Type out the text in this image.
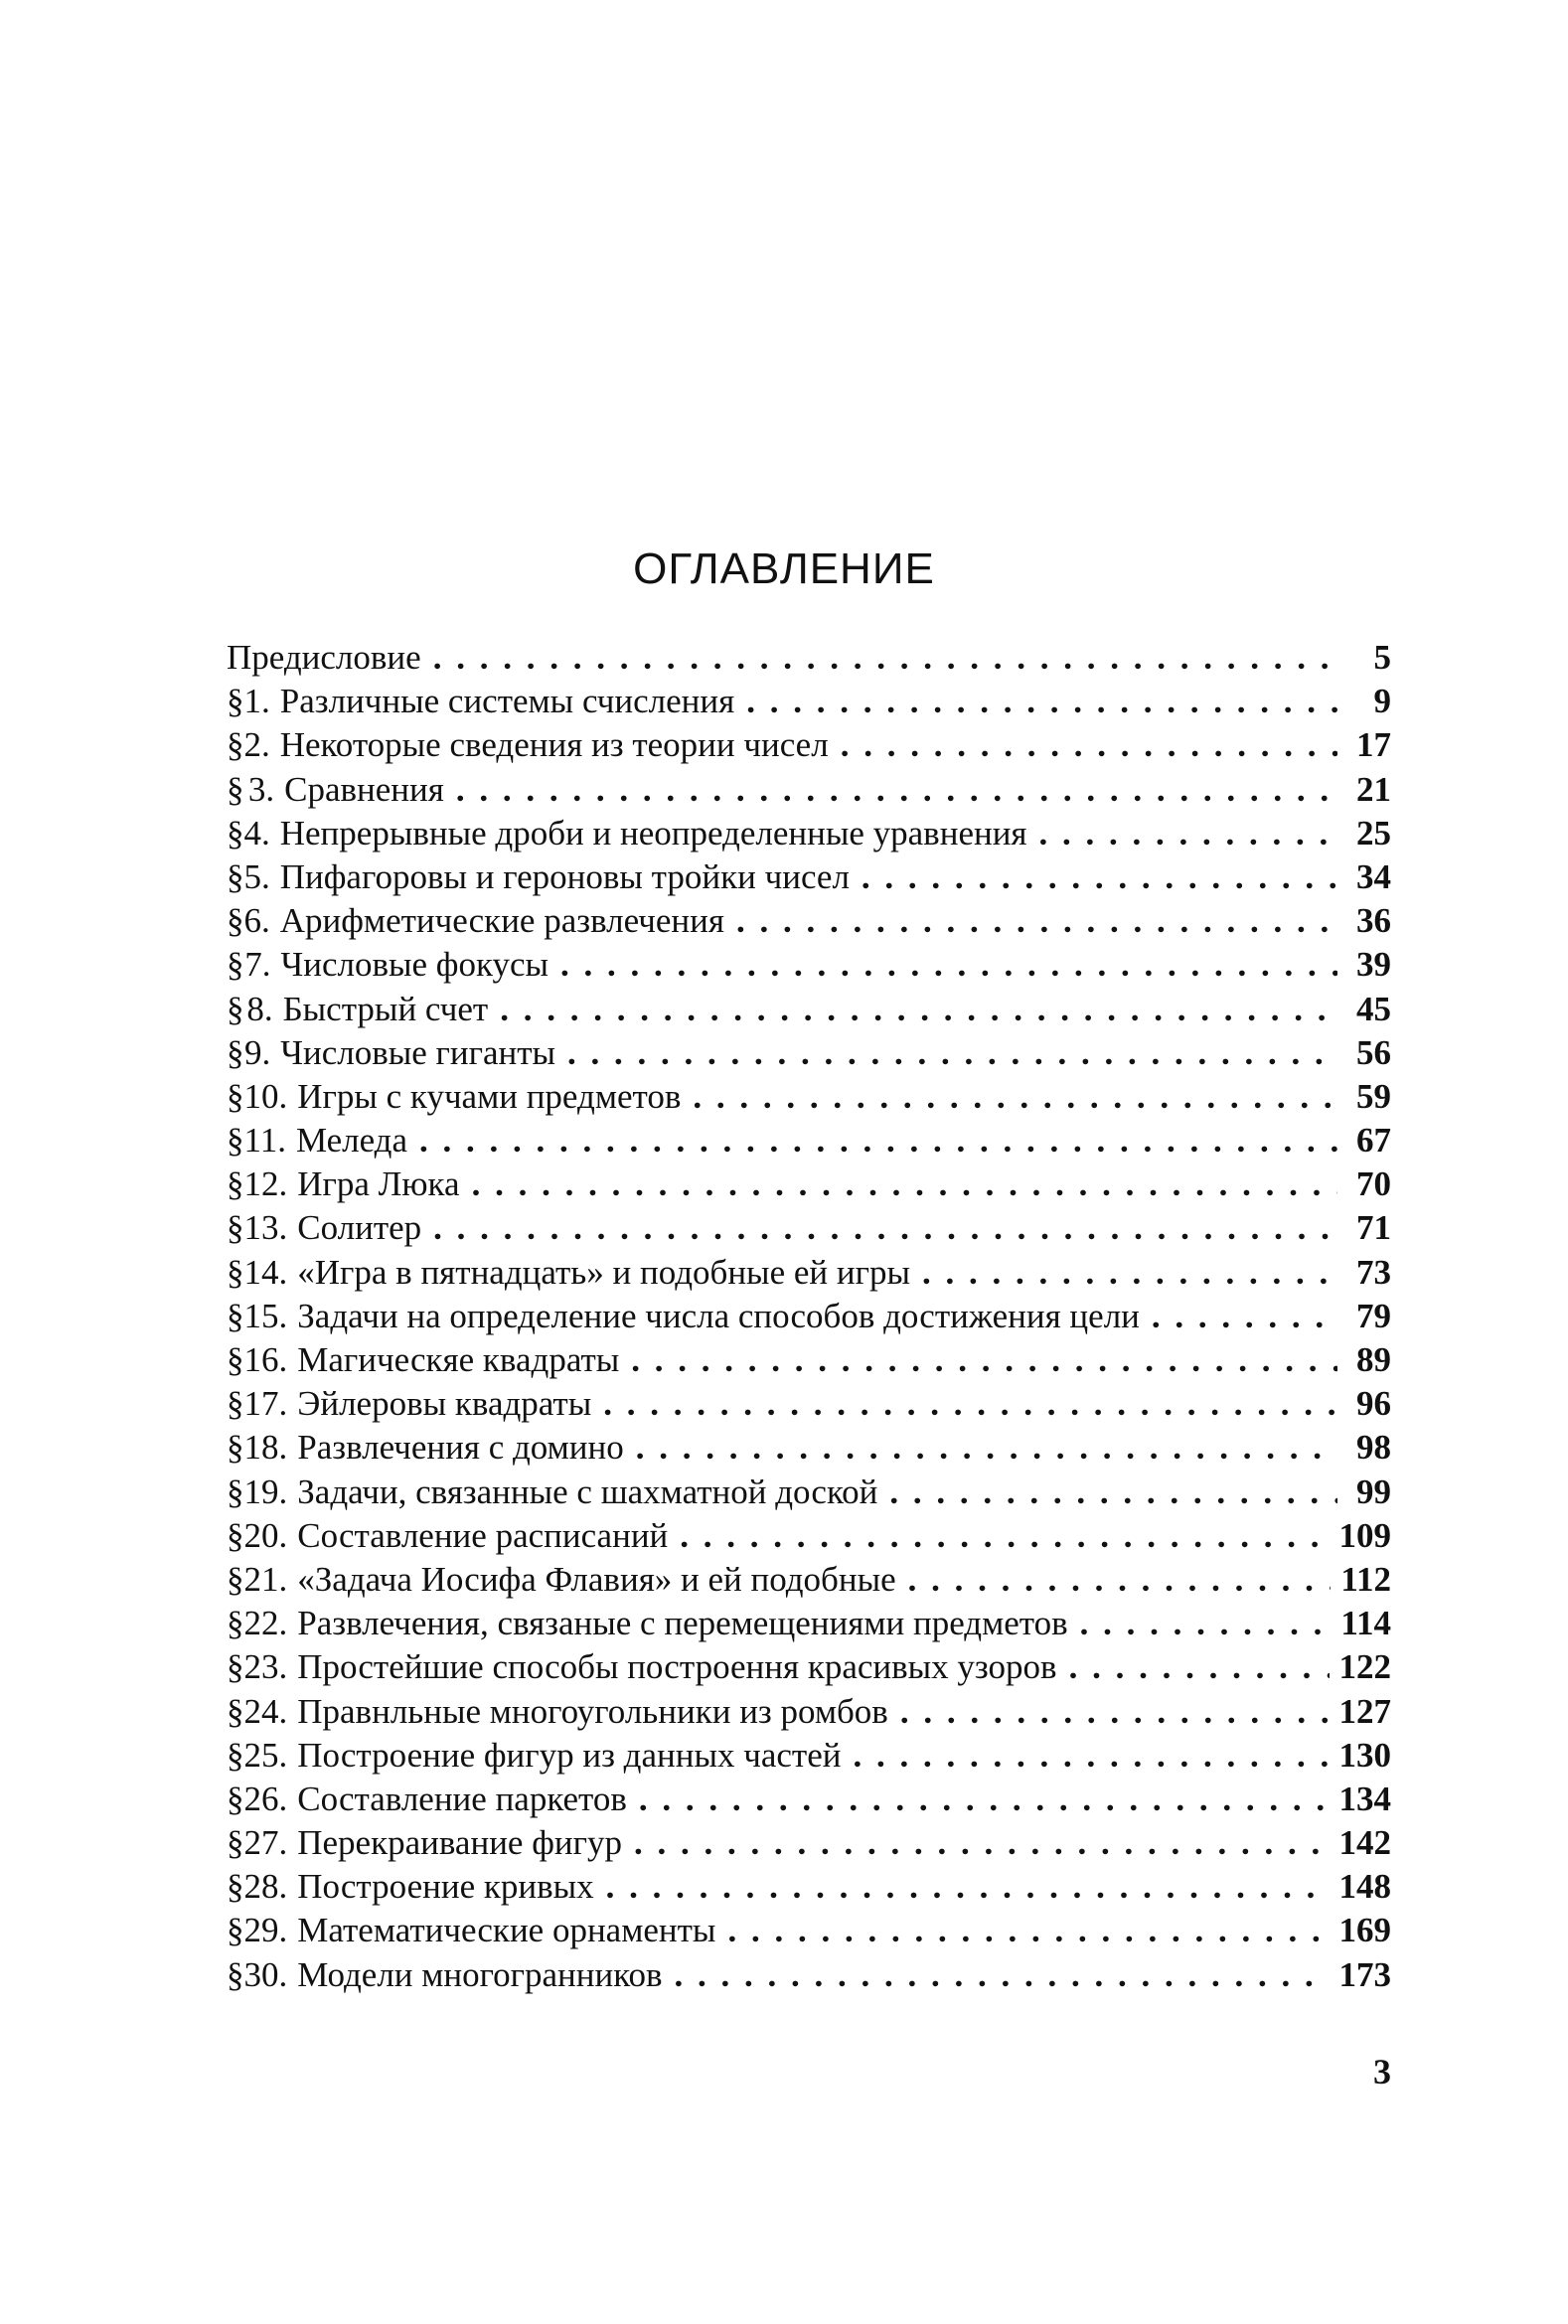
ОГЛАВЛЕНИЕ
Предисловие . . .	5
§ 1. Различные системы счисления . . .	9
§ 2. Некоторые сведения из теории чисел . . .	17
§ 3. Сравнения . . .	21
§ 4. Непрерывные дроби и неопределенные уравнения . . .	25
§ 5. Пифагоровы и героновы тройки чисел . . .	34
§ 6. Арифметические развлечения . . .	36
§ 7. Числовые фокусы . . .	39
§ 8. Быстрый счет . . .	45
§ 9. Числовые гиганты . . .	56
§ 10. Игры с кучами предметов . . .	59
§ 11. Меледа . . .	67
§ 12. Игра Люка . . .	70
§ 13. Солитер . . .	71
§ 14. «Игра в пятнадцать» и подобные ей игры . . .	73
§ 15. Задачи на определение числа способов достижения цели . . .	79
§ 16. Магическяе квадраты . . .	89
§ 17. Эйлеровы квадраты . . .	96
§ 18. Развлечения с домино . . .	98
§ 19. Задачи, связанные с шахматной доской . . .	99
§ 20. Составление расписаний . . .	109
§ 21. «Задача Иосифа Флавия» и ей подобные . . .	112
§ 22. Развлечения, связаные с перемещениями предметов . . .	114
§ 23. Простейшие способы построення красивых узоров . . .	122
§ 24. Правнльные многоугольники из ромбов . . .	127
§ 25. Построение фигур из данных частей . . .	130
§ 26. Составление паркетов . . .	134
§ 27. Перекраивание фигур . . .	142
§ 28. Построение кривых . . .	148
§ 29. Математические орнаменты . . .	169
§ 30. Модели многогранников . . .	173
3
